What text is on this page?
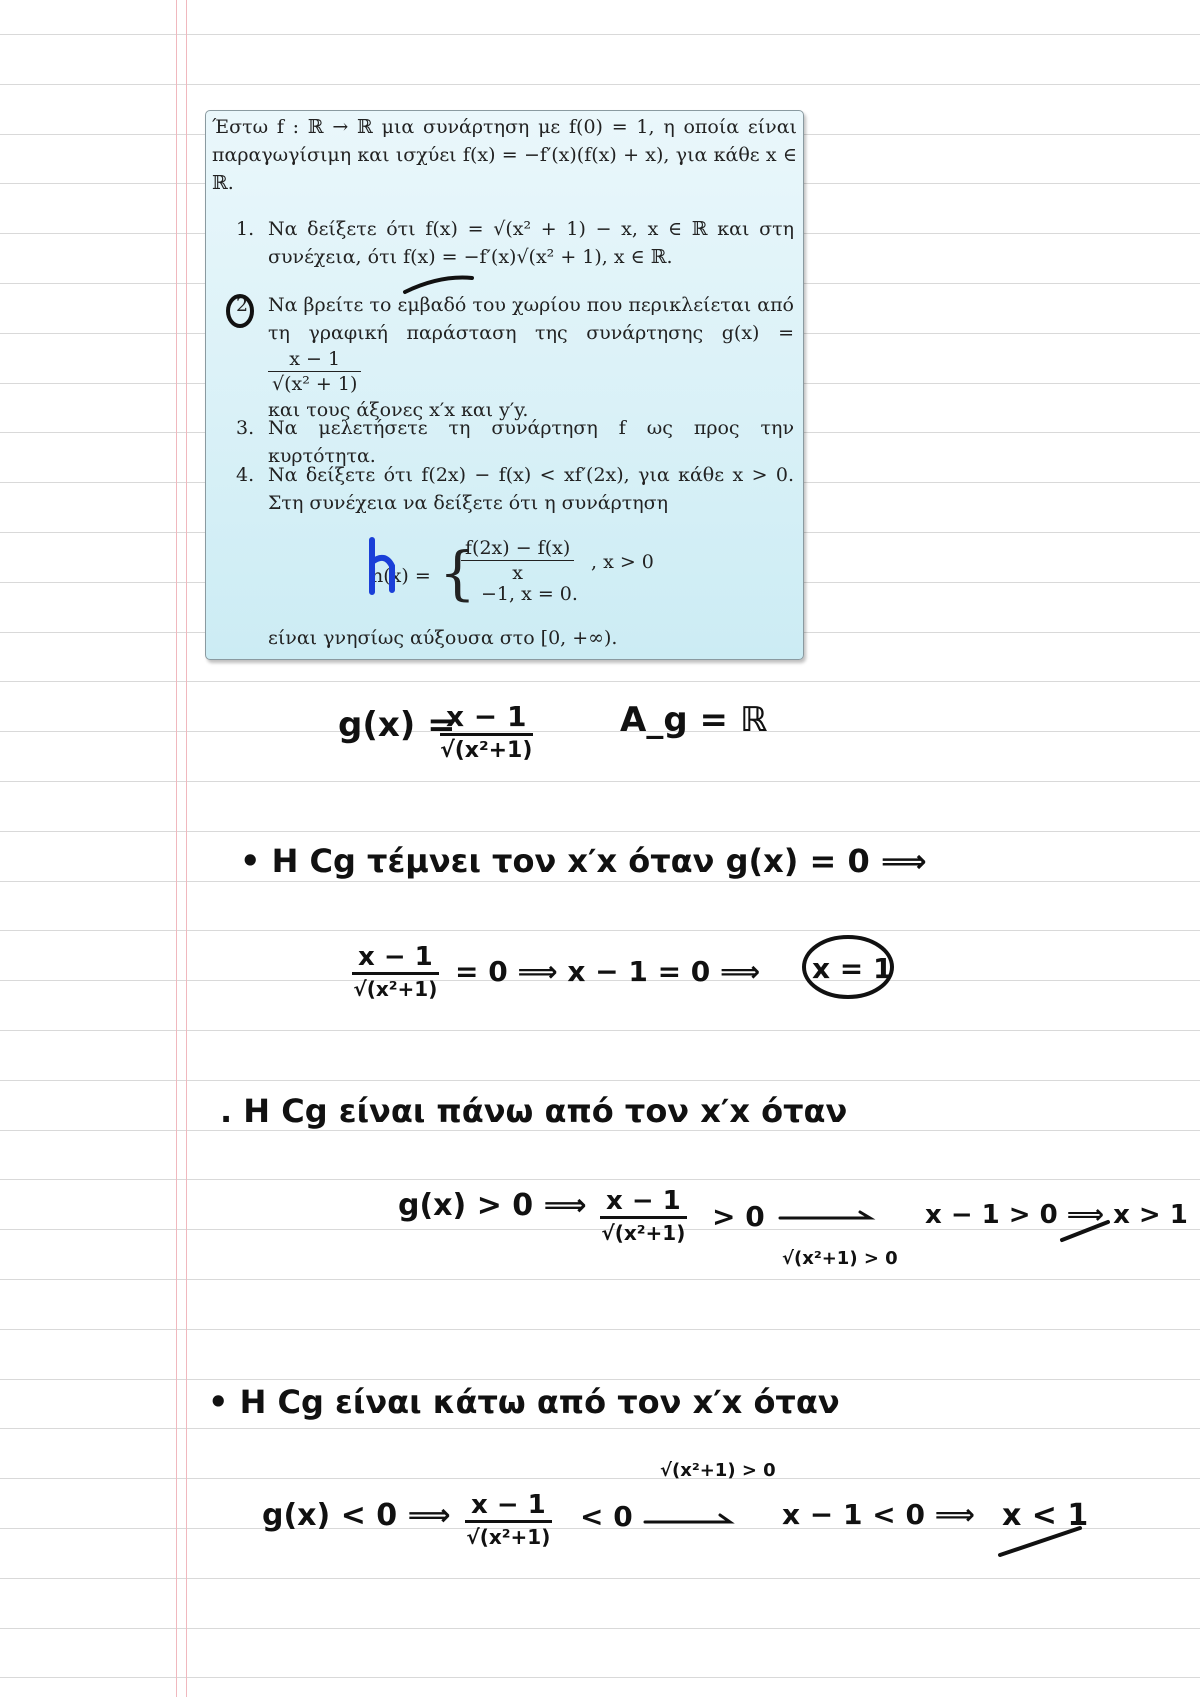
Έστω f : ℝ → ℝ μια συνάρτηση με f(0) = 1, η οποία είναι παραγωγίσιμη και ισχύει f(x) = −f′(x)(f(x) + x), για κάθε x ∈ ℝ.
1. Να δείξετε ότι f(x) = √(x² + 1) − x, x ∈ ℝ και στη συνέχεια, ότι f(x) = −f′(x)√(x² + 1), x ∈ ℝ.
2. Να βρείτε το εμβαδό του χωρίου που περικλείεται από τη γραφική παράσταση της συνάρτησης g(x) =
$\frac{x - 1}{\text{√(x² + 1)}}$

και τους άξονες x′x και y′y.
3. Να μελετήσετε τη συνάρτηση f ως προς την κυρτότητα.
4. Να δείξετε ότι f(2x) − f(x) < xf′(2x), για κάθε x > 0. Στη συνέχεια να δείξετε ότι η συνάρτηση
h(x) = {
$\frac{f(2x) - f(x)}{x}$ , x > 0
−1, x = 0.
είναι γνησίως αύξουσα στο [0, +∞).
g(x) =
x − 1
√(x²+1)
A_g = ℝ
• H Cg τέμνει τον x′x όταν g(x) = 0 ⟹
x − 1
√(x²+1)
= 0 ⟹ x − 1 = 0 ⟹ x = 1
. H Cg είναι πάνω από τον x′x όταν
g(x) > 0 ⟹ x − 1
√(x²+1) > 0
√(x²+1) > 0
x − 1 > 0 ⟹ x > 1
• H Cg είναι κάτω από τον x′x όταν
g(x) < 0 ⟹ x − 1
√(x²+1)
< 0
√(x²+1) > 0
x − 1 < 0 ⟹ x < 1
